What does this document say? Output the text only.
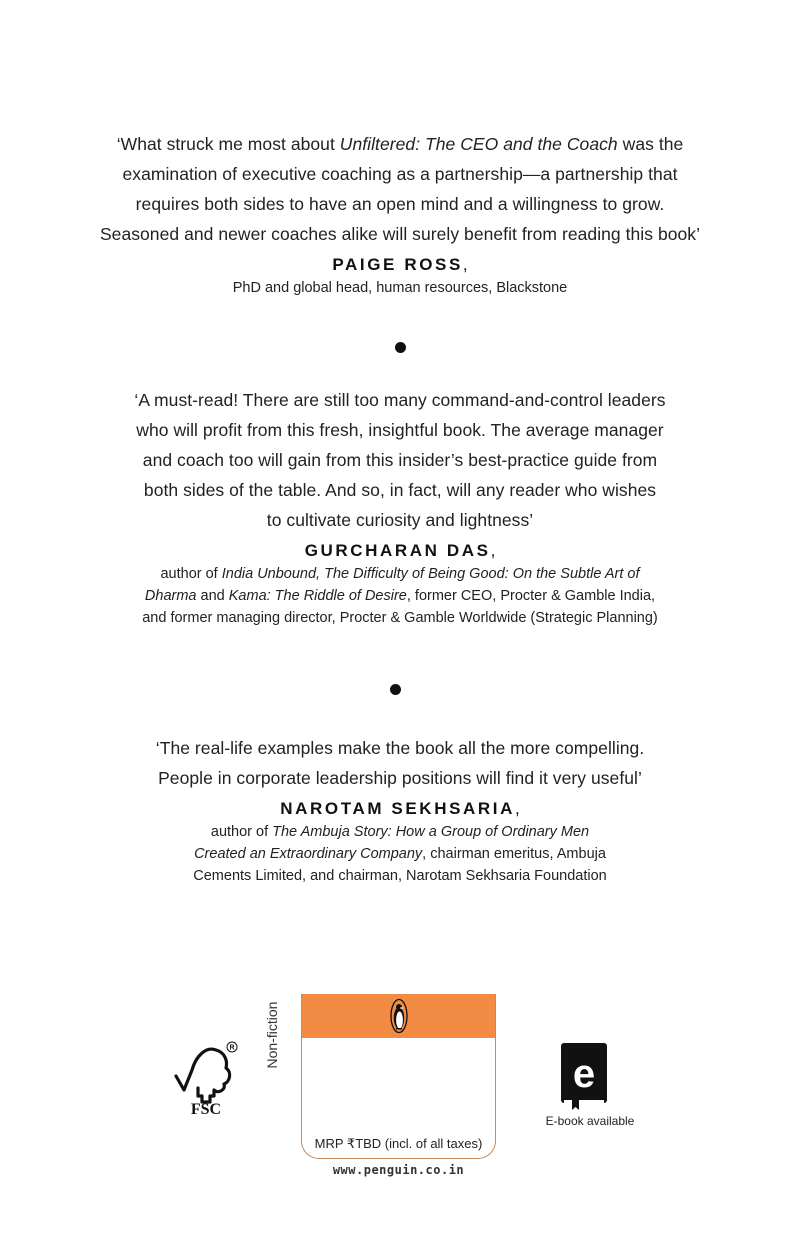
‘What struck me most about Unfiltered: The CEO and the Coach was the
examination of executive coaching as a partnership—a partnership that
requires both sides to have an open mind and a willingness to grow.
Seasoned and newer coaches alike will surely benefit from reading this book’
PAIGE ROSS,
PhD and global head, human resources, Blackstone
‘A must-read! There are still too many command-and-control leaders
who will profit from this fresh, insightful book. The average manager
and coach too will gain from this insider’s best-practice guide from
both sides of the table. And so, in fact, will any reader who wishes
to cultivate curiosity and lightness’
GURCHARAN DAS,
author of India Unbound, The Difficulty of Being Good: On the Subtle Art of
Dharma and Kama: The Riddle of Desire, former CEO, Procter & Gamble India,
and former managing director, Procter & Gamble Worldwide (Strategic Planning)
‘The real-life examples make the book all the more compelling.
People in corporate leadership positions will find it very useful’
NAROTAM SEKHSARIA,
author of The Ambuja Story: How a Group of Ordinary Men
Created an Extraordinary Company, chairman emeritus, Ambuja
Cements Limited, and chairman, Narotam Sekhsaria Foundation
R
FSC
Non-fiction
MRP ₹TBD (incl. of all taxes)
www.penguin.co.in
e
E-book available
